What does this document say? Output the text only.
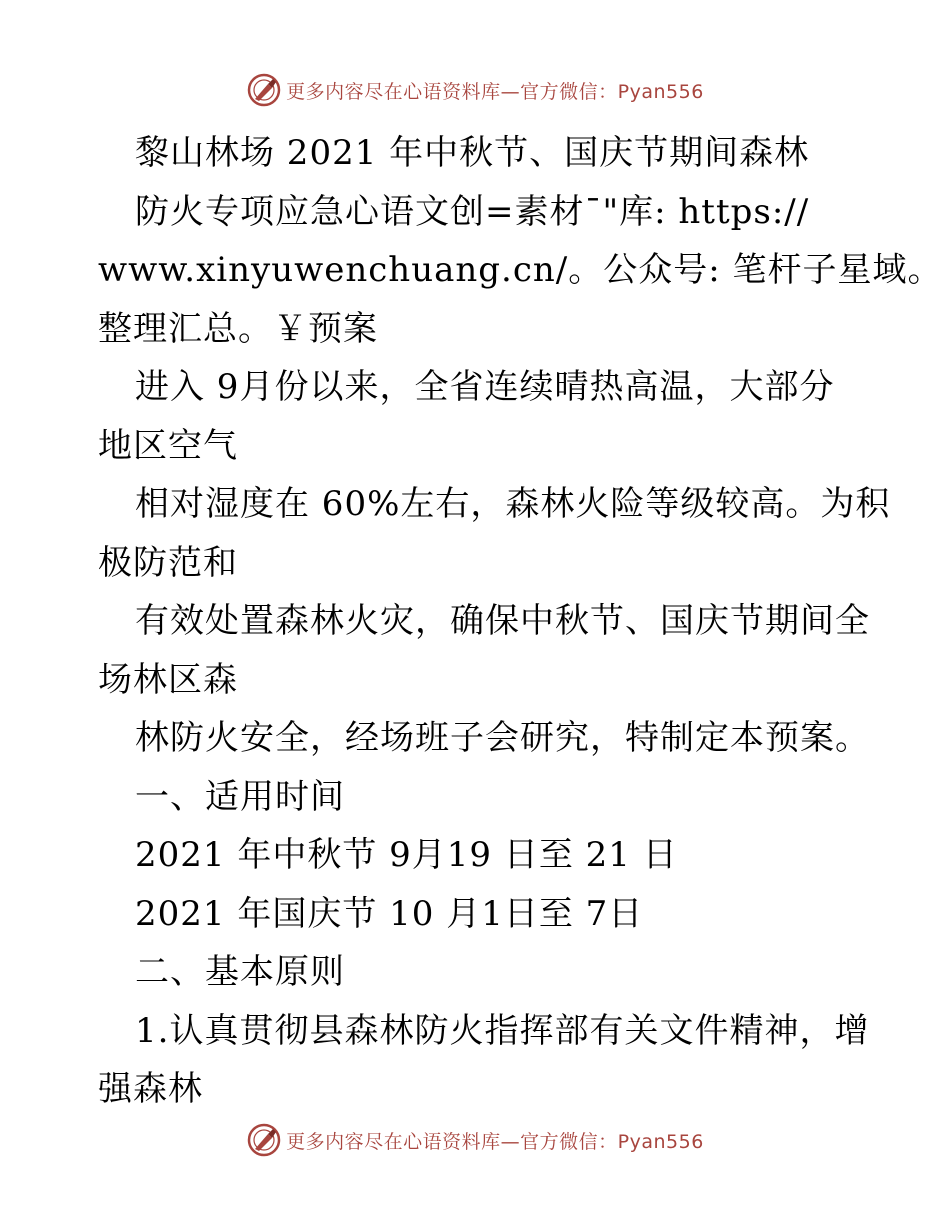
更多内容尽在心语资料库—官方微信：Pyan556
黎山林场 2021 年中秋节、国庆节期间森林
防火专项应急心语文创=素材¯"库: https://
www.xinyuwenchuang.cn/。公众号: 笔杆子星域。
整理汇总。￥预案
进入 9月份以来，全省连续晴热高温，大部分
地区空气
相对湿度在 60%左右，森林火险等级较高。为积
极防范和
有效处置森林火灾，确保中秋节、国庆节期间全
场林区森
林防火安全，经场班子会研究，特制定本预案。
一、适用时间
2021 年中秋节 9月19 日至 21 日
2021 年国庆节 10 月1日至 7日
二、基本原则
1.认真贯彻县森林防火指挥部有关文件精神，增
强森林
更多内容尽在心语资料库—官方微信：Pyan556
